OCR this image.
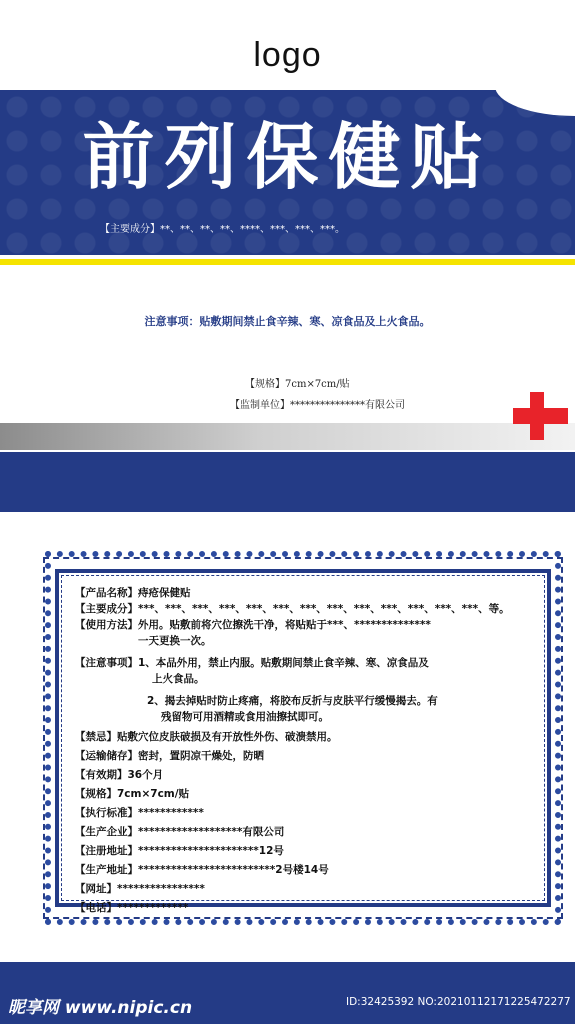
logo
前列保健贴
【主要成分】**、**、**、**、****、***、***、***。
注意事项：贴敷期间禁止食辛辣、寒、凉食品及上火食品。
【规格】7cm×7cm/贴
【监制单位】***************有限公司
【产品名称】 痔疮保健贴
【主要成分】 ***、***、***、***、***、***、***、***、***、***、***、***、***、等。
【使用方法】 外用。贴敷前将穴位擦洗干净，将贴贴于***、**************
一天更换一次。
【注意事项】 1、本品外用，禁止内服。贴敷期间禁止食辛辣、寒、凉食品及
上火食品。
2、揭去掉贴时防止疼痛，将胶布反折与皮肤平行缓慢揭去。有
残留物可用酒精或食用油擦拭即可。
【禁忌】 贴敷穴位皮肤破损及有开放性外伤、破溃禁用。
【运输储存】 密封，置阴凉干燥处，防晒
【有效期】 36个月
【规格】 7cm×7cm/贴
【执行标准】 ************
【生产企业】 *******************有限公司
【注册地址】 **********************12号
【生产地址】 *************************2号楼14号
【网址】 ****************
【电话】 *************
昵享网 www.nipic.cn	ID:32425392 NO:20210112171225472277
